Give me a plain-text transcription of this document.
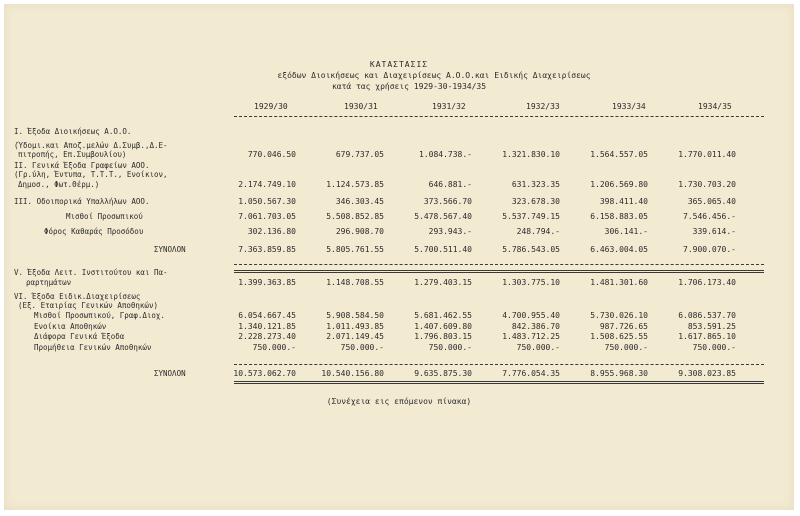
ΚΑΤΑΣΤΑΣΙΣ
εξόδων Διοικήσεως και Διαχειρίσεως Α.Ο.Ο.και Ειδικής Διαχειρίσεως
κατά τας χρήσεις 1929-30-1934/35
1929/30	1930/31	1931/32	1932/33	1933/34	1934/35
I. Έξοδα Διοικήσεως Α.Ο.Ο.
(Ύδομι.και Αποζ.μελών Δ.Συμβ.,Δ.Ε-
πιτροπής, Επ.Συμβουλίου)	770.046.50	679.737.05	1.084.738.-	1.321.830.10	1.564.557.05	1.770.011.40
II. Γενικά Έξοδα Γραφείων ΑΟΟ.
(Γρ.ύλη, Έντυπα, Τ.Τ.Τ., Ενοίκιον,
Δημοσ., Φωτ.Θέρμ.)	2.174.749.10	1.124.573.85	646.881.-	631.323.35	1.206.569.80	1.730.703.20
III. Οδοιπορικά Υπαλλήλων ΑΟΟ.	1.050.567.30	346.303.45	373.566.70	323.678.30	398.411.40	365.065.40
Μισθοί Προσωπικού	7.061.703.05	5.508.852.85	5.478.567.40	5.537.749.15	6.158.883.05	7.546.456.-
Φόρος Καθαράς Προσόδου	302.136.80	296.908.70	293.943.-	248.794.-	306.141.-	339.614.-
ΣΥΝΟΛΟΝ	7.363.859.85	5.805.761.55	5.700.511.40	5.786.543.05	6.463.004.05	7.900.070.-
V. Έξοδα Λειτ. Ινστιτούτου και Πα-
ραρτημάτων	1.399.363.85	1.148.708.55	1.279.403.15	1.303.775.10	1.481.301.60	1.706.173.40
VI. Έξοδα Ειδικ.Διαχειρίσεως
(Εξ. Εταιρίας Γενικών Αποθηκών)
Μισθοί Προσωπικού, Γραφ.Διοχ.	6.054.667.45	5.908.584.50	5.681.462.55	4.700.955.40	5.730.026.10	6.086.537.70
Ενοίκια Αποθηκών	1.340.121.85	1.011.493.85	1.407.609.80	842.386.70	987.726.65	853.591.25
Διάφορα Γενικά Έξοδα	2.228.273.40	2.071.149.45	1.796.803.15	1.483.712.25	1.508.625.55	1.617.865.10
Προμήθεια Γενικών Αποθηκών	750.000.-	750.000.-	750.000.-	750.000.-	750.000.-	750.000.-
ΣΥΝΟΛΟΝ	10.573.062.70	10.540.156.80	9.635.875.30	7.776.054.35	8.955.968.30	9.308.023.85
(Συνέχεια εις επόμενον πίνακα)
